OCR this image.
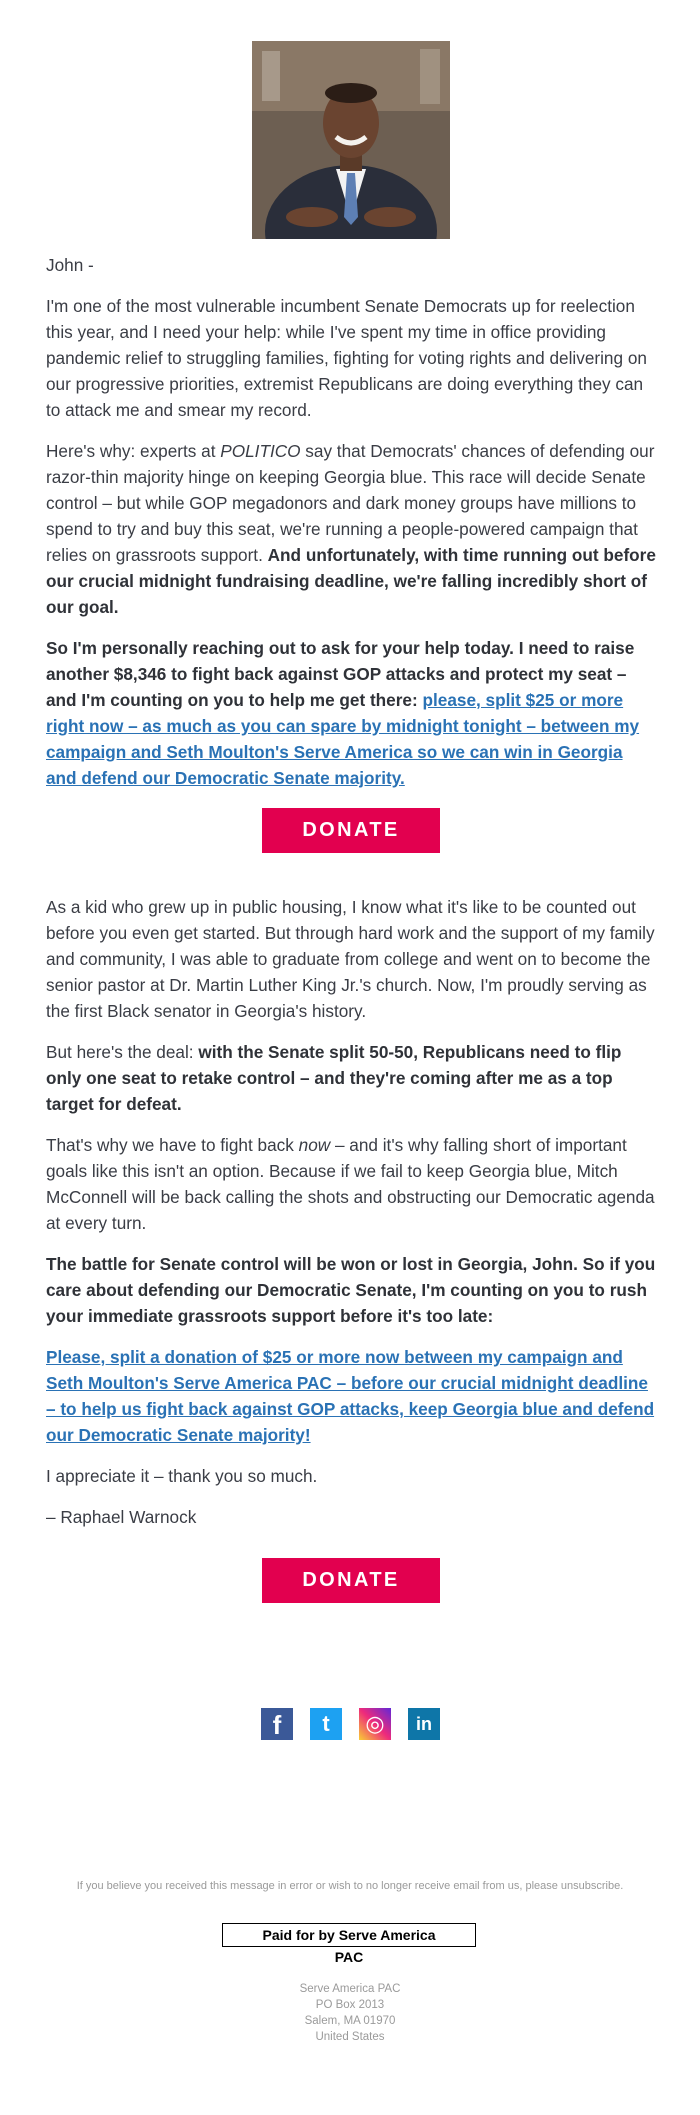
John -

I'm one of the most vulnerable incumbent Senate Democrats up for reelection this year, and I need your help: while I've spent my time in office providing pandemic relief to struggling families, fighting for voting rights and delivering on our progressive priorities, extremist Republicans are doing everything they can to attack me and smear my record.

Here's why: experts at POLITICO say that Democrats' chances of defending our razor-thin majority hinge on keeping Georgia blue. This race will decide Senate control – but while GOP megadonors and dark money groups have millions to spend to try and buy this seat, we're running a people-powered campaign that relies on grassroots support. And unfortunately, with time running out before our crucial midnight fundraising deadline, we're falling incredibly short of our goal.

So I'm personally reaching out to ask for your help today. I need to raise another $8,346 to fight back against GOP attacks and protect my seat – and I'm counting on you to help me get there: please, split $25 or more right now – as much as you can spare by midnight tonight – between my campaign and Seth Moulton's Serve America so we can win in Georgia and defend our Democratic Senate majority.

As a kid who grew up in public housing, I know what it's like to be counted out before you even get started. But through hard work and the support of my family and community, I was able to graduate from college and went on to become the senior pastor at Dr. Martin Luther King Jr.'s church. Now, I'm proudly serving as the first Black senator in Georgia's history.

But here's the deal: with the Senate split 50-50, Republicans need to flip only one seat to retake control – and they're coming after me as a top target for defeat.

That's why we have to fight back now – and it's why falling short of important goals like this isn't an option. Because if we fail to keep Georgia blue, Mitch McConnell will be back calling the shots and obstructing our Democratic agenda at every turn.

The battle for Senate control will be won or lost in Georgia, John. So if you care about defending our Democratic Senate, I'm counting on you to rush your immediate grassroots support before it's too late:

Please, split a donation of $25 or more now between my campaign and Seth Moulton's Serve America PAC – before our crucial midnight deadline – to help us fight back against GOP attacks, keep Georgia blue and defend our Democratic Senate majority!

I appreciate it – thank you so much.

– Raphael Warnock

DONATE
DONATE
f	t	◎	in
If you believe you received this message in error or wish to no longer receive email from us, please unsubscribe.
Paid for by Serve America PAC
Serve America PAC
PO Box 2013
Salem, MA 01970
United States
